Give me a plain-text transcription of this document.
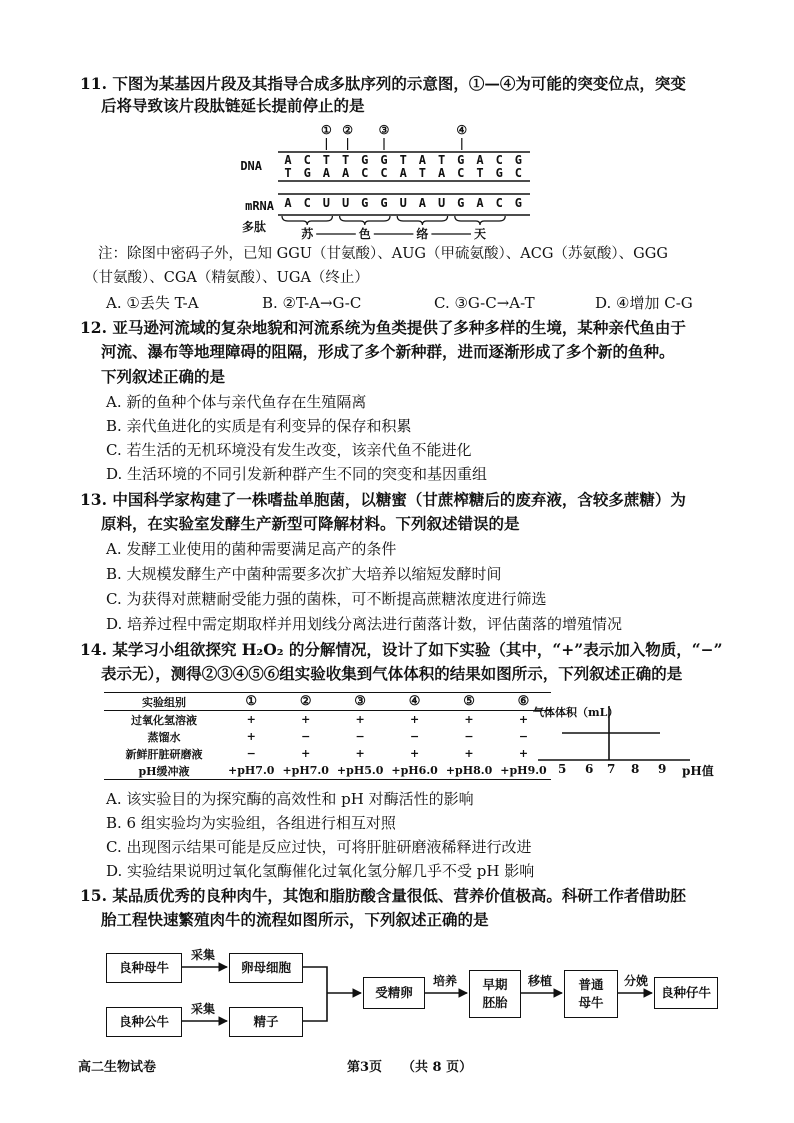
11. 下图为某基因片段及其指导合成多肽序列的示意图，①—④为可能的突变位点，突变
后将导致该片段肽链延长提前停止的是
DNA
mRNA
多肽
A C T T G G T A T G A C G
T G A A C C A T A C T G C
A C U U G G U A U G A C G
① ② ③	④
苏	色	络	天
注：除图中密码子外，已知 GGU（甘氨酸）、AUG（甲硫氨酸）、ACG（苏氨酸）、GGG
（甘氨酸）、CGA（精氨酸）、UGA（终止）
A. ①丢失 T-A	B. ②T-A→G-C	C. ③G-C→A-T	D. ④增加 C-G
12. 亚马逊河流域的复杂地貌和河流系统为鱼类提供了多种多样的生境，某种亲代鱼由于
河流、瀑布等地理障碍的阻隔，形成了多个新种群，进而逐渐形成了多个新的鱼种。
下列叙述正确的是
A. 新的鱼种个体与亲代鱼存在生殖隔离
B. 亲代鱼进化的实质是有利变异的保存和积累
C. 若生活的无机环境没有发生改变，该亲代鱼不能进化
D. 生活环境的不同引发新种群产生不同的突变和基因重组
13. 中国科学家构建了一株嗜盐单胞菌，以糖蜜（甘蔗榨糖后的废弃液，含较多蔗糖）为
原料，在实验室发酵生产新型可降解材料。下列叙述错误的是
A. 发酵工业使用的菌种需要满足高产的条件
B. 大规模发酵生产中菌种需要多次扩大培养以缩短发酵时间
C. 为获得对蔗糖耐受能力强的菌株，可不断提高蔗糖浓度进行筛选
D. 培养过程中需定期取样并用划线分离法进行菌落计数，评估菌落的增殖情况
14. 某学习小组欲探究 H₂O₂ 的分解情况，设计了如下实验（其中，“+”表示加入物质，“−”
表示无），测得②③④⑤⑥组实验收集到气体体积的结果如图所示，下列叙述正确的是
实验组别	①	②	③	④	⑤	⑥
过氧化氢溶液	+	+	+	+	+	+
蒸馏水	+	−	−	−	−	−
新鲜肝脏研磨液	−	+	+	+	+	+
pH缓冲液	+pH7.0	+pH7.0	+pH5.0	+pH6.0	+pH8.0	+pH9.0
气体体积（mL）
5 6 7 8 9 pH值
A. 该实验目的为探究酶的高效性和 pH 对酶活性的影响
B. 6 组实验均为实验组，各组进行相互对照
C. 出现图示结果可能是反应过快，可将肝脏研磨液稀释进行改进
D. 实验结果说明过氧化氢酶催化过氧化氢分解几乎不受 pH 影响
15. 某品质优秀的良种肉牛，其饱和脂肪酸含量很低、营养价值极高。科研工作者借助胚
胎工程快速繁殖肉牛的流程如图所示，下列叙述正确的是
良种母牛
良种公牛
采集
采集
卵母细胞
精子
受精卵
培养 早期
胚胎
移植 普通
母牛
分娩
良种仔牛
高二生物试卷	第3页 （共 8 页）
